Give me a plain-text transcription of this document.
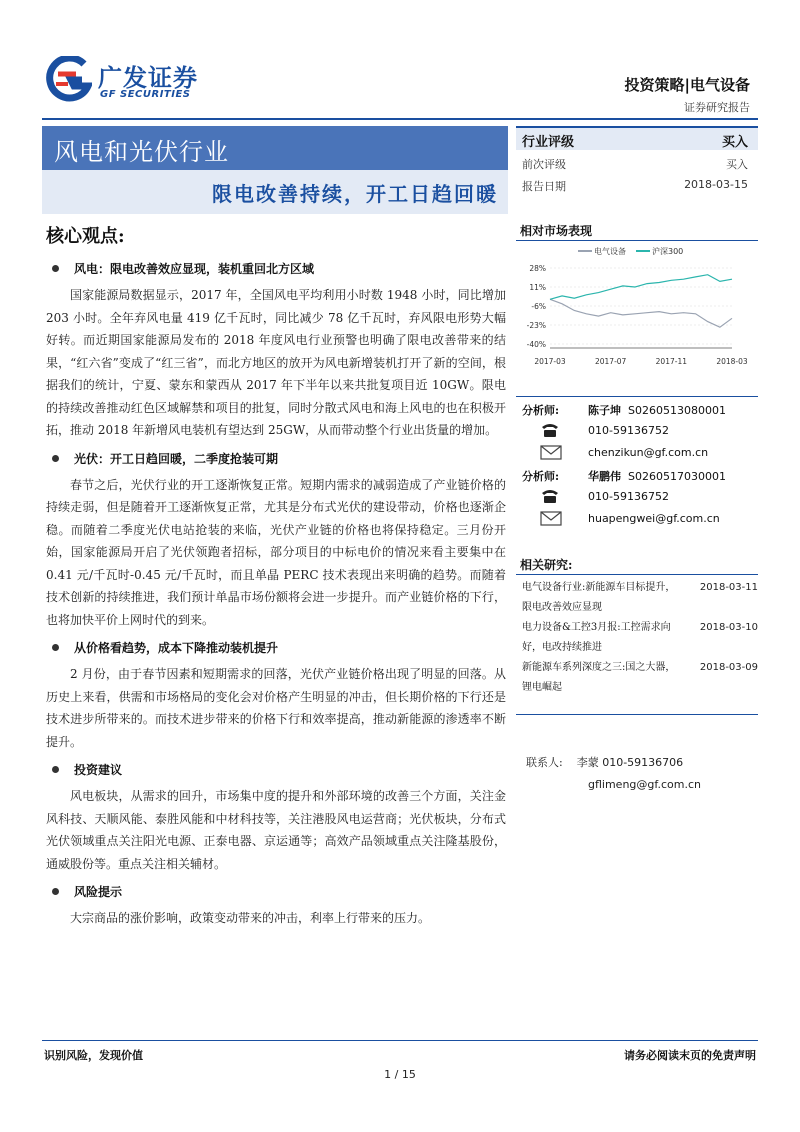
广发证券
GF SECURITIES
投资策略|电气设备
证券研究报告
风电和光伏行业
限电改善持续，开工日趋回暖
行业评级	买入
前次评级	买入
报告日期	2018-03-15
相对市场表现
电气设备	沪深300
28%
11%
-6%
-23%
-40%
2017-03	2017-07	2017-11	2018-03
分析师:	陈子坤 S0260513080001
010-59136752
chenzikun@gf.com.cn
分析师:	华鹏伟 S0260517030001
010-59136752
huapengwei@gf.com.cn
相关研究:
电气设备行业:新能源车目标提升，限电改善效应显现
2018-03-11
电力设备&工控3月报:工控需求向好，电改持续推进
2018-03-10
新能源车系列深度之三:国之大器，锂电崛起
2018-03-09
联系人: 李蒙 010-59136706
gflimeng@gf.com.cn
核心观点:
风电：限电改善效应显现，装机重回北方区域

国家能源局数据显示，2017 年，全国风电平均利用小时数 1948 小时，同比增加 203 小时。全年弃风电量 419 亿千瓦时，同比减少 78 亿千瓦时，弃风限电形势大幅好转。而近期国家能源局发布的 2018 年度风电行业预警也明确了限电改善带来的结果，“红六省”变成了“红三省”，而北方地区的放开为风电新增装机打开了新的空间，根据我们的统计，宁夏、蒙东和蒙西从 2017 年下半年以来共批复项目近 10GW。限电的持续改善推动红色区域解禁和项目的批复，同时分散式风电和海上风电的也在积极开拓，推动 2018 年新增风电装机有望达到 25GW，从而带动整个行业出货量的增加。

光伏：开工日趋回暖，二季度抢装可期

春节之后，光伏行业的开工逐渐恢复正常。短期内需求的减弱造成了产业链价格的持续走弱，但是随着开工逐渐恢复正常，尤其是分布式光伏的建设带动，价格也逐渐企稳。而随着二季度光伏电站抢装的来临，光伏产业链的价格也将保持稳定。三月份开始，国家能源局开启了光伏领跑者招标，部分项目的中标电价的情况来看主要集中在 0.41 元/千瓦时-0.45 元/千瓦时，而且单晶 PERC 技术表现出来明确的趋势。而随着技术创新的持续推进，我们预计单晶市场份额将会进一步提升。而产业链价格的下行，也将加快平价上网时代的到来。

从价格看趋势，成本下降推动装机提升

2 月份，由于春节因素和短期需求的回落，光伏产业链价格出现了明显的回落。从历史上来看，供需和市场格局的变化会对价格产生明显的冲击，但长期价格的下行还是技术进步所带来的。而技术进步带来的价格下行和效率提高，推动新能源的渗透率不断提升。

投资建议

风电板块，从需求的回升，市场集中度的提升和外部环境的改善三个方面，关注金风科技、天顺风能、泰胜风能和中材科技等，关注港股风电运营商；光伏板块，分布式光伏领域重点关注阳光电源、正泰电器、京运通等；高效产品领域重点关注隆基股份，通威股份等。重点关注相关辅材。

风险提示

大宗商品的涨价影响，政策变动带来的冲击，利率上行带来的压力。

识别风险，发现价值	请务必阅读末页的免责声明
1 / 15
